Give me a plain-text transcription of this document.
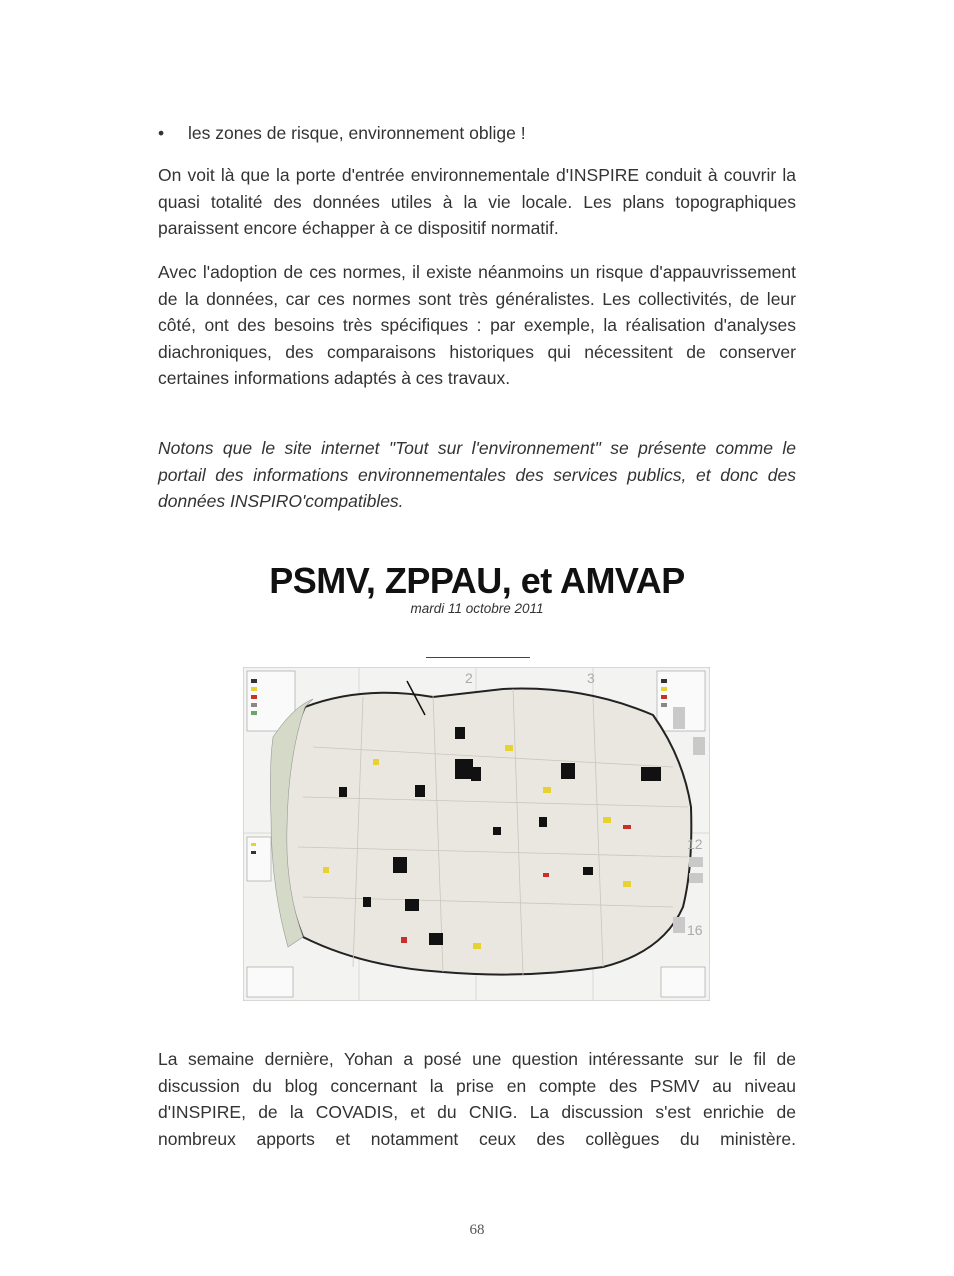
• les zones de risque, environnement oblige !

On voit là que la porte d'entrée environnementale d'INSPIRE conduit à couvrir la quasi totalité des données utiles à la vie locale. Les plans topographiques paraissent encore échapper à ce dispositif normatif.

Avec l'adoption de ces normes, il existe néanmoins un risque d'appauvrissement de la données, car ces normes sont très généralistes. Les collectivités, de leur côté, ont des besoins très spécifiques : par exemple, la réalisation d'analyses diachroniques, des comparaisons historiques qui nécessitent de conserver certaines informations adaptés à ces travaux.

Notons que le site internet "Tout sur l'environnement" se présente comme le portail des informations environnementales des services publics, et donc des données INSPIRO'compatibles.

PSMV, ZPPAU, et AMVAP
mardi 11 octobre 2011
2	3
12
16

La semaine dernière, Yohan a posé une question intéressante sur le fil de discussion du blog concernant la prise en compte des PSMV au niveau d'INSPIRE, de la COVADIS, et du CNIG. La discussion s'est enrichie de nombreux apports et notamment ceux des collègues du ministère.

68
